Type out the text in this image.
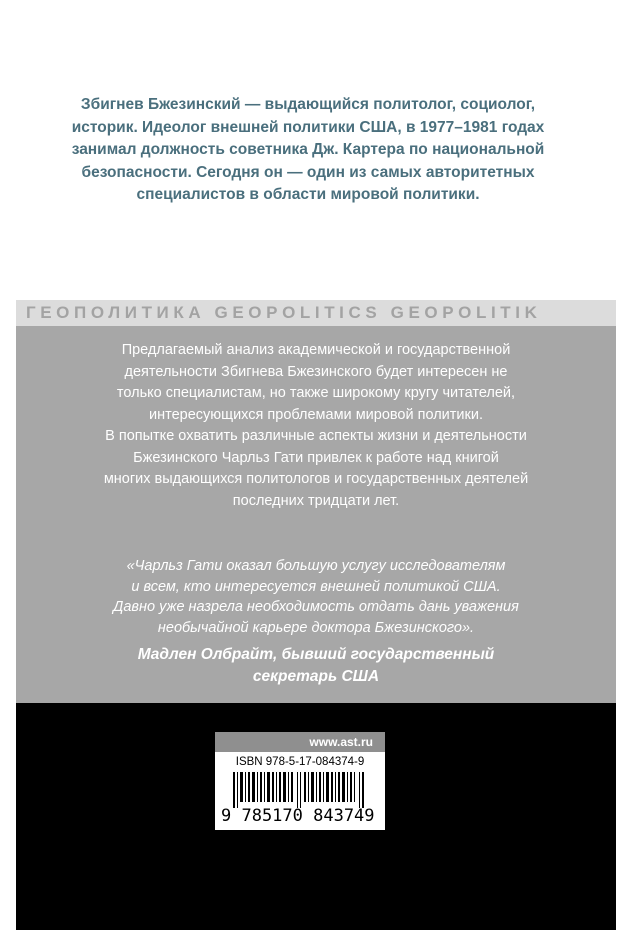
Збигнев Бжезинский — выдающийся политолог, социолог,
историк. Идеолог внешней политики США, в 1977–1981 годах
занимал должность советника Дж. Картера по национальной
безопасности. Сегодня он — один из самых авторитетных
специалистов в области мировой политики.
ГЕОПОЛИТИКА GEOPOLITICS GEOPOLITIK
Предлагаемый анализ академической и государственной
деятельности Збигнева Бжезинского будет интересен не
только специалистам, но также широкому кругу читателей,
интересующихся проблемами мировой политики.
В попытке охватить различные аспекты жизни и деятельности
Бжезинского Чарльз Гати привлек к работе над книгой
многих выдающихся политологов и государственных деятелей
последних тридцати лет.
«Чарльз Гати оказал большую услугу исследователям
и всем, кто интересуется внешней политикой США.
Давно уже назрела необходимость отдать дань уважения
необычайной карьере доктора Бжезинского».
Мадлен Олбрайт, бывший государственный
секретарь США
www.ast.ru
ISBN 978-5-17-084374-9
9 785170 843749
